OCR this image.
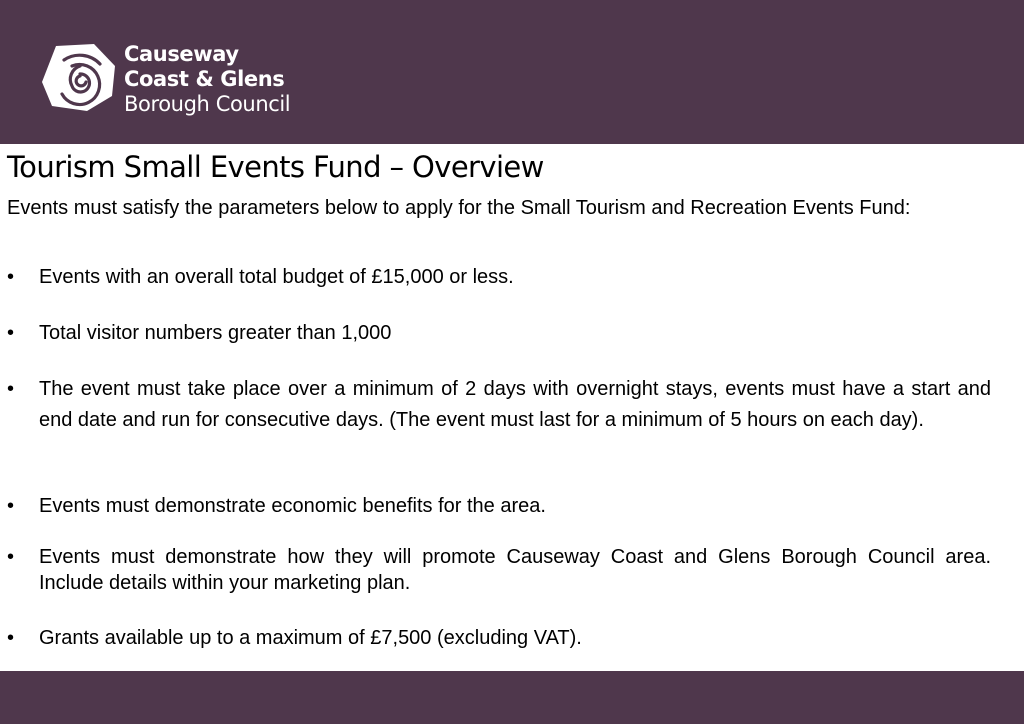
Causeway
Coast & Glens
Borough Council
Tourism Small Events Fund – Overview

Events must satisfy the parameters below to apply for the Small Tourism and Recreation Events Fund:

• Events with an overall total budget of £15,000 or less.
• Total visitor numbers greater than 1,000
• The event must take place over a minimum of 2 days with overnight stays, events must have a start and end date and run for consecutive days. (The event must last for a minimum of 5 hours on each day).
• Events must demonstrate economic benefits for the area.
• Events must demonstrate how they will promote Causeway Coast and Glens Borough Council area. Include details within your marketing plan.
• Grants available up to a maximum of £7,500 (excluding VAT).
